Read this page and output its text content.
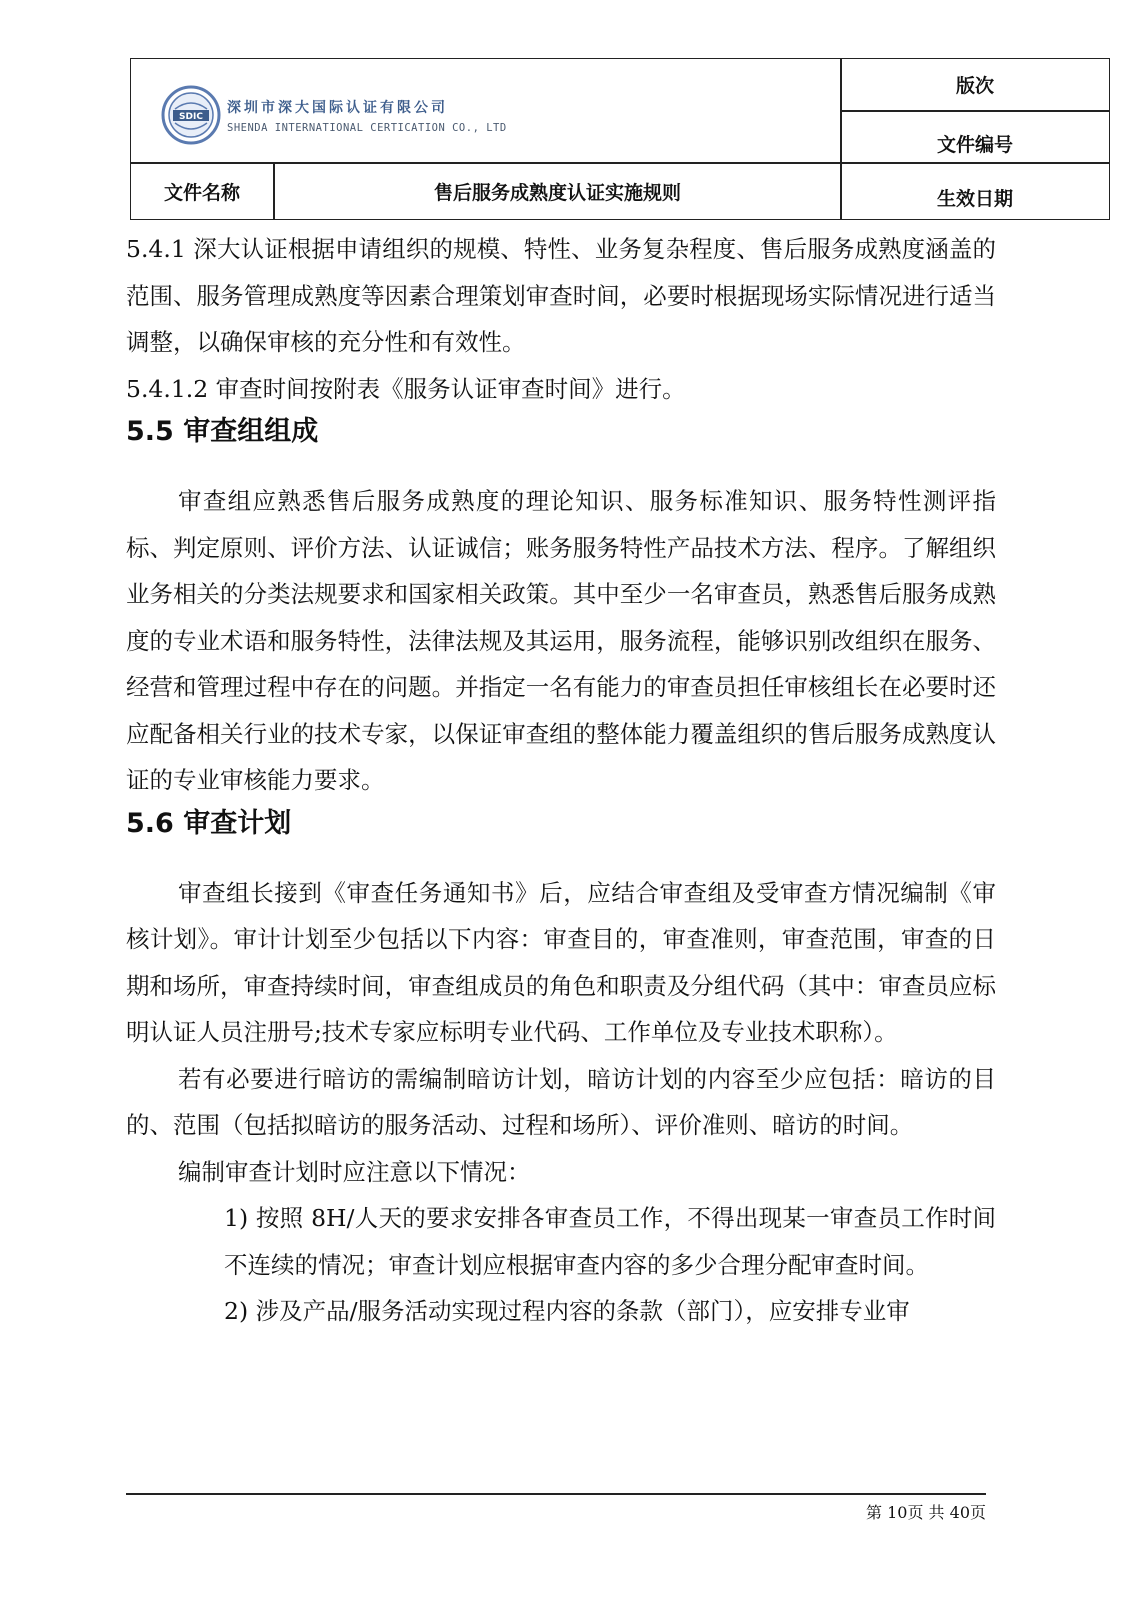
SDIC
深圳市深大国际认证有限公司
SHENDA INTERNATIONAL CERTICATION CO., LTD
版次
文件编号
生效日期
文件名称	售后服务成熟度认证实施规则

5.4.1 深大认证根据申请组织的规模、特性、业务复杂程度、售后服务成熟度涵盖的范围、服务管理成熟度等因素合理策划审查时间，必要时根据现场实际情况进行适当调整，以确保审核的充分性和有效性。

5.4.1.2 审查时间按附表《服务认证审查时间》进行。

5.5 审查组组成

审查组应熟悉售后服务成熟度的理论知识、服务标准知识、服务特性测评指标、判定原则、评价方法、认证诚信；账务服务特性产品技术方法、程序。了解组织业务相关的分类法规要求和国家相关政策。其中至少一名审查员，熟悉售后服务成熟度的专业术语和服务特性，法律法规及其运用，服务流程，能够识别改组织在服务、经营和管理过程中存在的问题。并指定一名有能力的审查员担任审核组长在必要时还应配备相关行业的技术专家，以保证审查组的整体能力覆盖组织的售后服务成熟度认证的专业审核能力要求。

5.6 审查计划

审查组长接到《审查任务通知书》后，应结合审查组及受审查方情况编制《审核计划》。审计计划至少包括以下内容：审查目的，审查准则，审查范围，审查的日期和场所，审查持续时间，审查组成员的角色和职责及分组代码（其中：审查员应标明认证人员注册号;技术专家应标明专业代码、工作单位及专业技术职称）。

若有必要进行暗访的需编制暗访计划，暗访计划的内容至少应包括：暗访的目的、范围（包括拟暗访的服务活动、过程和场所）、评价准则、暗访的时间。

编制审查计划时应注意以下情况：

1) 按照 8H/人天的要求安排各审查员工作，不得出现某一审查员工作时间不连续的情况；审查计划应根据审查内容的多少合理分配审查时间。

2) 涉及产品/服务活动实现过程内容的条款（部门），应安排专业审

第 10页 共 40页
